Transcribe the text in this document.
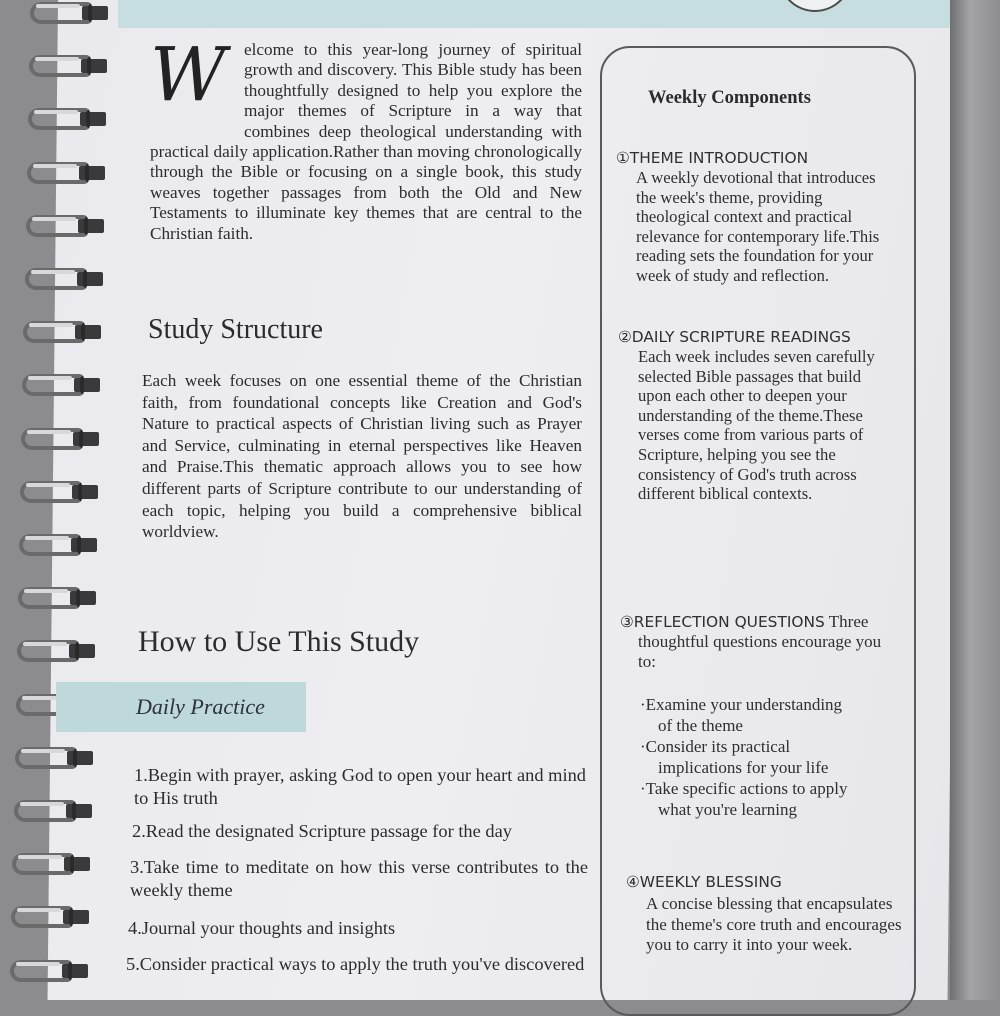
W	elcome to this year-long journey of spiritual growth and discovery. This Bible study has been thoughtfully designed to help you explore the major themes of Scripture in a way that combines deep theological understanding with practical daily application.Rather than moving chronologically through the Bible or focusing on a single book, this study weaves together passages from both the Old and New Testaments to illuminate key themes that are central to the Christian faith.
Study Structure
Each week focuses on one essential theme of the Christian faith, from foundational concepts like Creation and God's Nature to practical aspects of Christian living such as Prayer and Service, culminating in eternal perspectives like Heaven and Praise.This thematic approach allows you to see how different parts of Scripture contribute to our understanding of each topic, helping you build a comprehensive biblical worldview.
How to Use This Study
Daily Practice
1.Begin with prayer, asking God to open your heart and mind to His truth
2.Read the designated Scripture passage for the day
3.Take time to meditate on how this verse contributes to the weekly theme
4.Journal your thoughts and insights
5.Consider practical ways to apply the truth you've discovered
Weekly Components
①THEME INTRODUCTION
A weekly devotional that introduces the week's theme, providing theological context and practical relevance for contemporary life.This reading sets the foundation for your week of study and reflection.
②DAILY SCRIPTURE READINGS
Each week includes seven carefully selected Bible passages that build upon each other to deepen your understanding of the theme.These verses come from various parts of Scripture, helping you see the consistency of God's truth across different biblical contexts.
③REFLECTION QUESTIONS Three
thoughtful questions encourage you to:
·Examine your understanding
of the theme
·Consider its practical
implications for your life
·Take specific actions to apply
what you're learning
④WEEKLY BLESSING
A concise blessing that encapsulates the theme's core truth and encourages you to carry it into your week.
